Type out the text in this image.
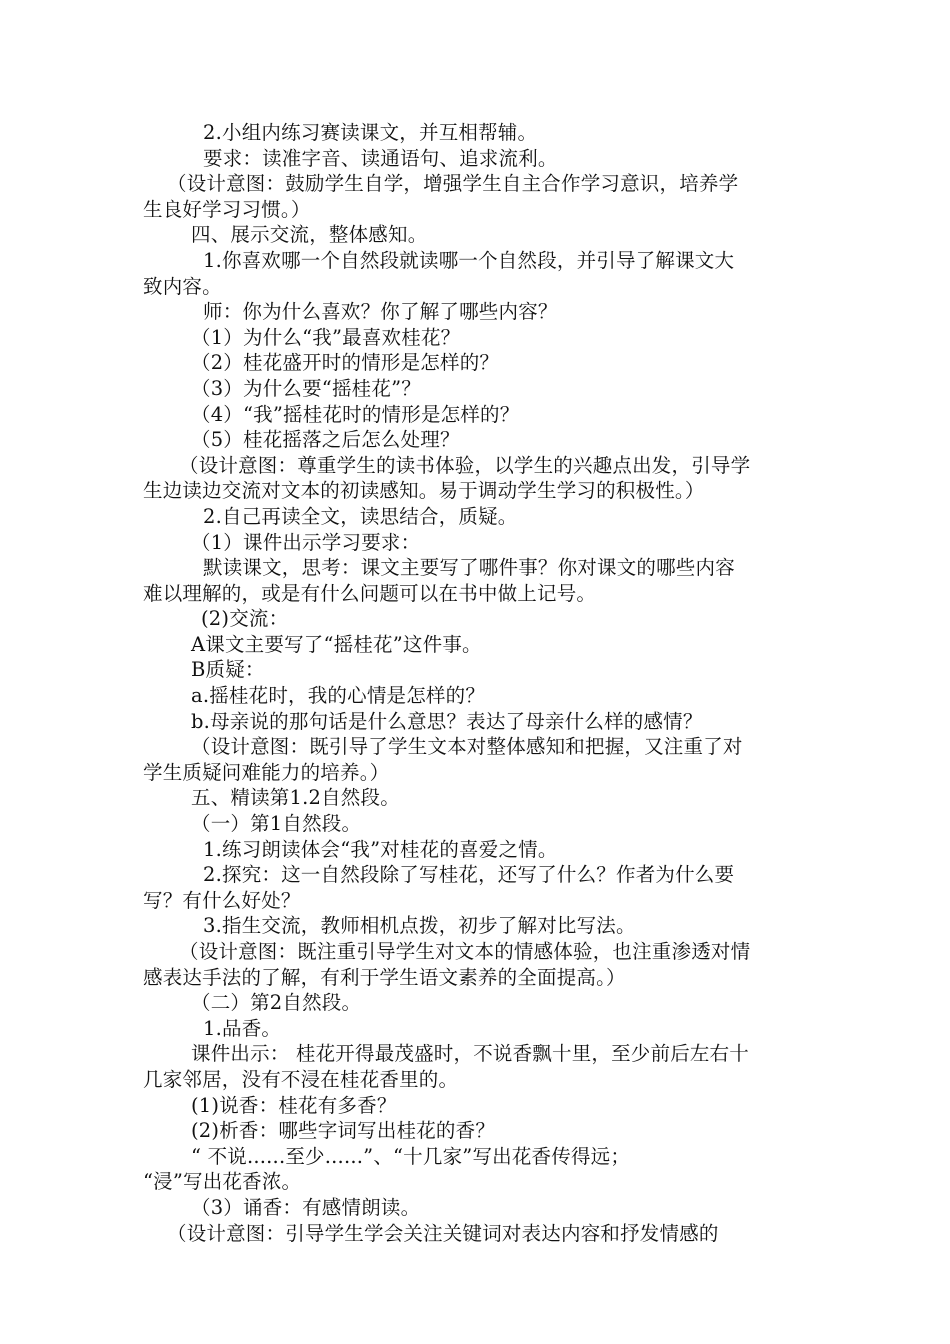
2.小组内练习赛读课文，并互相帮辅。
要求：读准字音、读通语句、追求流利。
（设计意图：鼓励学生自学，增强学生自主合作学习意识，培养学
生良好学习习惯。）
四、展示交流，整体感知。
1.你喜欢哪一个自然段就读哪一个自然段，并引导了解课文大
致内容。
师：你为什么喜欢？你了解了哪些内容？
（1）为什么“我”最喜欢桂花？
（2）桂花盛开时的情形是怎样的？
（3）为什么要“摇桂花”？
（4）“我”摇桂花时的情形是怎样的？
（5）桂花摇落之后怎么处理？
（设计意图：尊重学生的读书体验，以学生的兴趣点出发，引导学
生边读边交流对文本的初读感知。易于调动学生学习的积极性。）
2.自己再读全文，读思结合，质疑。
（1）课件出示学习要求：
默读课文，思考：课文主要写了哪件事？你对课文的哪些内容
难以理解的，或是有什么问题可以在书中做上记号。
(2)交流：
A课文主要写了“摇桂花”这件事。
B质疑：
a.摇桂花时，我的心情是怎样的？
b.母亲说的那句话是什么意思？表达了母亲什么样的感情？
（设计意图：既引导了学生文本对整体感知和把握，又注重了对
学生质疑问难能力的培养。）
五、精读第1.2自然段。
（一）第1自然段。
1.练习朗读体会“我”对桂花的喜爱之情。
2.探究：这一自然段除了写桂花，还写了什么？作者为什么要
写？有什么好处？
3.指生交流，教师相机点拨，初步了解对比写法。
（设计意图：既注重引导学生对文本的情感体验，也注重渗透对情
感表达手法的了解，有利于学生语文素养的全面提高。）
（二）第2自然段。
1.品香。
课件出示： 桂花开得最茂盛时，不说香飘十里，至少前后左右十
几家邻居，没有不浸在桂花香里的。
(1)说香：桂花有多香？
(2)析香：哪些字词写出桂花的香？
“ 不说......至少......”、“十几家”写出花香传得远；
“浸”写出花香浓。
（3）诵香：有感情朗读。
（设计意图：引导学生学会关注关键词对表达内容和抒发情感的
